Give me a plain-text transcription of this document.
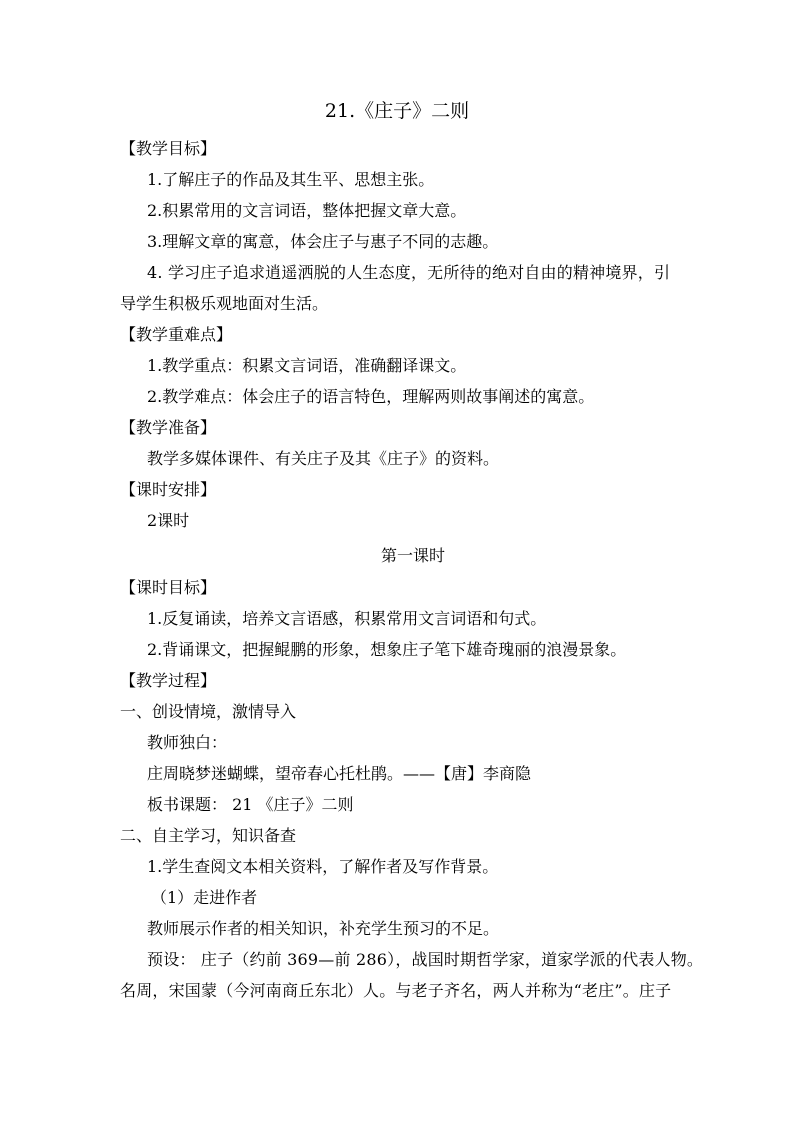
21.《庄子》二则
【教学目标】
1.了解庄子的作品及其生平、思想主张。
2.积累常用的文言词语，整体把握文章大意。
3.理解文章的寓意，体会庄子与惠子不同的志趣。
4. 学习庄子追求逍遥洒脱的人生态度，无所待的绝对自由的精神境界，引
导学生积极乐观地面对生活。
【教学重难点】
1.教学重点：积累文言词语，准确翻译课文。
2.教学难点：体会庄子的语言特色，理解两则故事阐述的寓意。
【教学准备】
教学多媒体课件、有关庄子及其《庄子》的资料。
【课时安排】
2课时
第一课时
【课时目标】
1.反复诵读，培养文言语感，积累常用文言词语和句式。
2.背诵课文，把握鲲鹏的形象，想象庄子笔下雄奇瑰丽的浪漫景象。
【教学过程】
一、创设情境，激情导入
教师独白：
庄周晓梦迷蝴蝶，望帝春心托杜鹃。——【唐】李商隐
板书课题： 21 《庄子》二则
二、自主学习，知识备查
1.学生查阅文本相关资料，了解作者及写作背景。
（1）走进作者
教师展示作者的相关知识，补充学生预习的不足。
预设： 庄子（约前 369—前 286），战国时期哲学家，道家学派的代表人物。
名周，宋国蒙（今河南商丘东北）人。与老子齐名，两人并称为“老庄”。庄子
